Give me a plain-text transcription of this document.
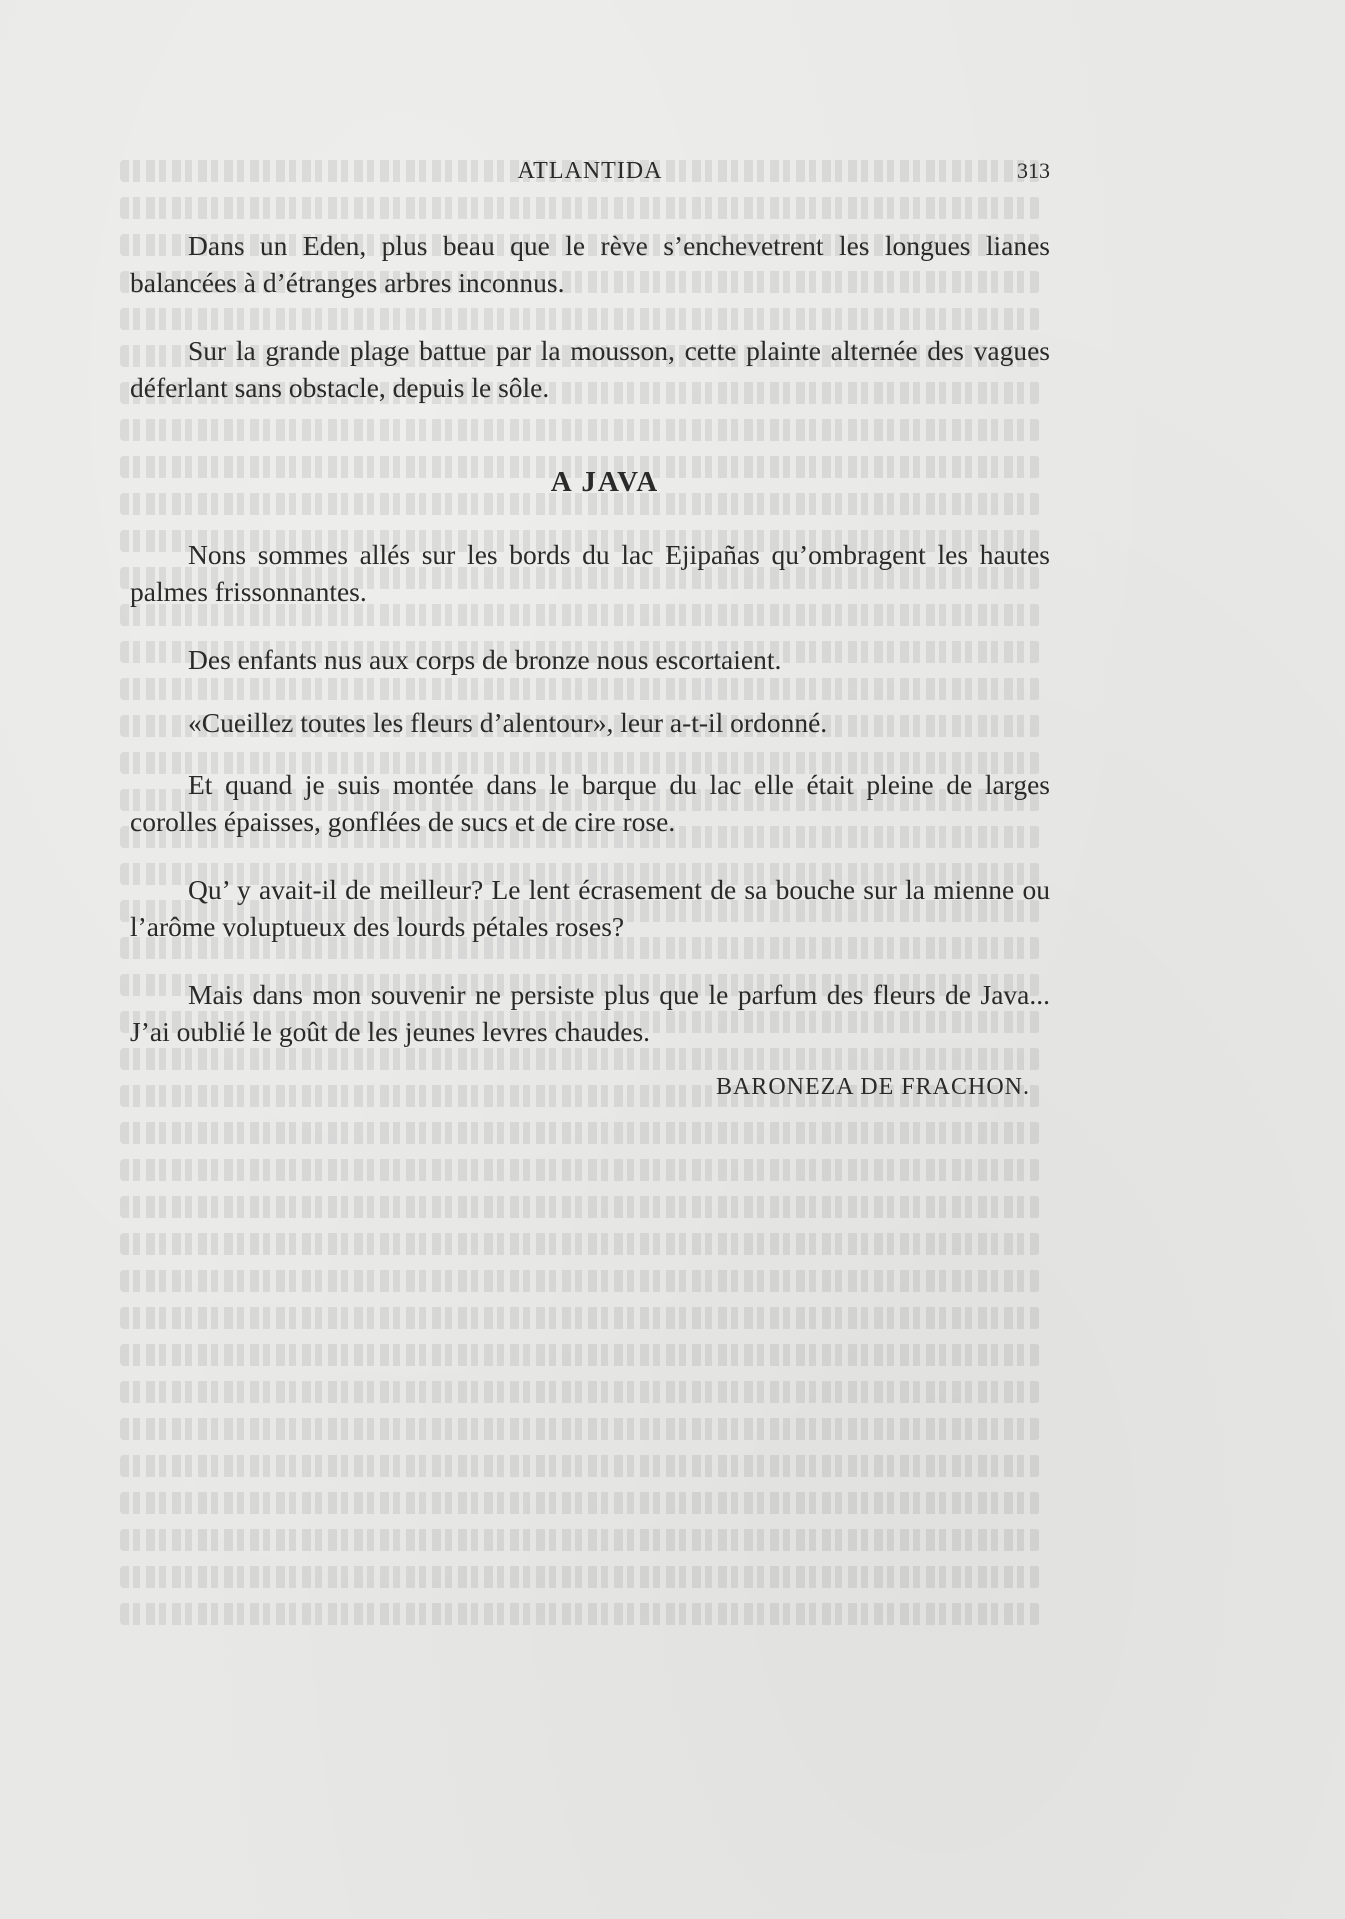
ATLANTIDA	313

Dans un Eden, plus beau que le rève s’enchevetrent les longues lianes balancées à d’étranges arbres inconnus.

Sur la grande plage battue par la mousson, cette plainte alternée des vagues déferlant sans obstacle, depuis le sôle.

A JAVA

Nons sommes allés sur les bords du lac Ejipañas qu’ombragent les hautes palmes frissonnantes.

Des enfants nus aux corps de bronze nous escortaient.

«Cueillez toutes les fleurs d’alentour», leur a-t-il ordonné.

Et quand je suis montée dans le barque du lac elle était pleine de larges corolles épaisses, gonflées de sucs et de cire rose.

Qu’ y avait-il de meilleur? Le lent écrasement de sa bouche sur la mienne ou l’arôme voluptueux des lourds pétales roses?

Mais dans mon souvenir ne persiste plus que le parfum des fleurs de Java... J’ai oublié le goût de les jeunes levres chaudes.

BARONEZA DE FRACHON.
